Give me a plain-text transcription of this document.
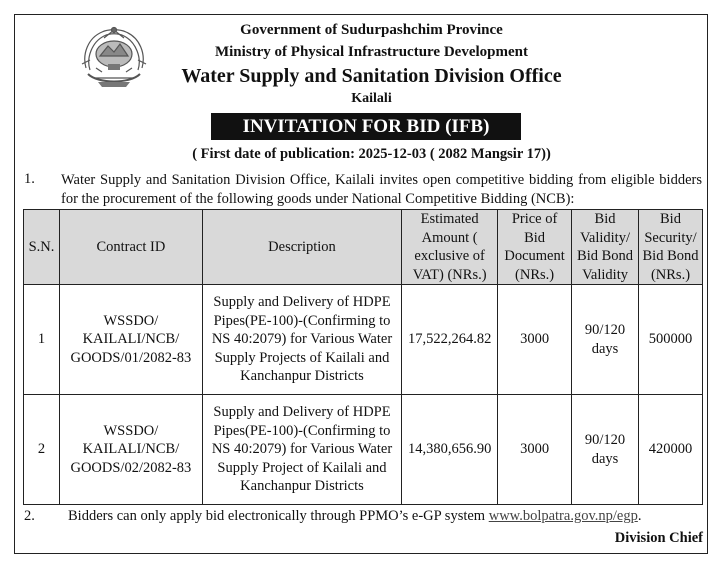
Government of Sudurpashchim Province
Ministry of Physical Infrastructure Development
Water Supply and Sanitation Division Office
Kailali
INVITATION FOR BID (IFB)
( First date of publication: 2025-12-03 ( 2082 Mangsir 17))
1. Water Supply and Sanitation Division Office, Kailali invites open competitive bidding from eligible bidders for the procurement of the following goods under National Competitive Bidding (NCB):
S.N.	Contract ID	Description	Estimated Amount ( exclusive of VAT) (NRs.)	Price of Bid Document (NRs.)	Bid Validity/ Bid Bond Validity	Bid Security/ Bid Bond (NRs.)
1	WSSDO/ KAILALI/NCB/ GOODS/01/2082-83	Supply and Delivery of HDPE Pipes(PE-100)-(Confirming to NS 40:2079) for Various Water Supply Projects of Kailali and Kanchanpur Districts	17,522,264.82	3000	90/120 days	500000
2	WSSDO/ KAILALI/NCB/ GOODS/02/2082-83	Supply and Delivery of HDPE Pipes(PE-100)-(Confirming to NS 40:2079) for Various Water Supply Project of Kailali and Kanchanpur Districts	14,380,656.90	3000	90/120 days	420000
2. Bidders can only apply bid electronically through PPMO’s e-GP system www.bolpatra.gov.np/egp.
Division Chief
